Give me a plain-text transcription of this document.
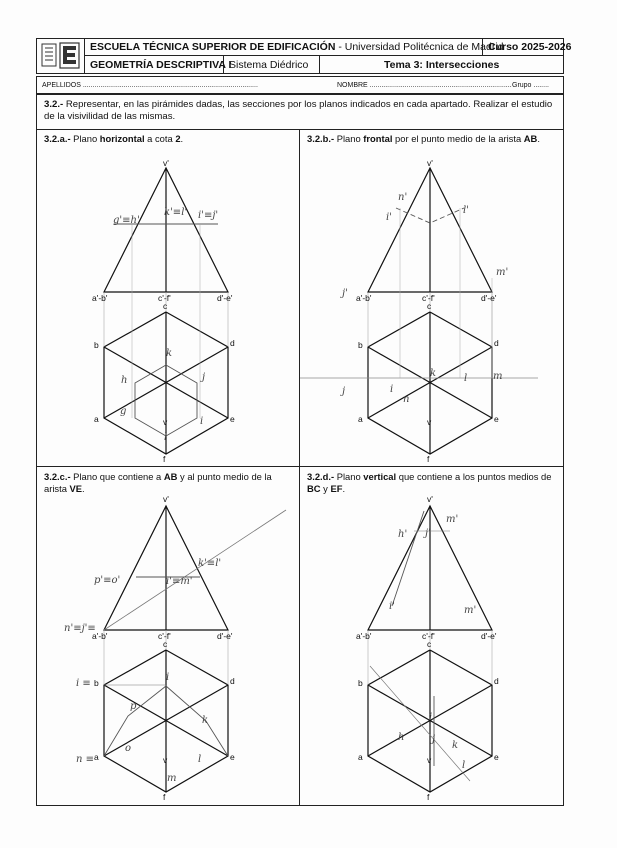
ESCUELA TÉCNICA SUPERIOR DE EDIFICACIÓN
- Universidad Politécnica de Madrid
Curso 2025-2026
GEOMETRÍA DESCRIPTIVA I
Sistema Diédrico	Tema 3: Intersecciones
APELLIDOS ..........................................................................................	NOMBRE ......................................................................... Grupo ........
3.2.- Representar, en las pirámides dadas, las secciones por los planos indicados en cada apartado. Realizar el estudio de la visivilidad de las mismas.
3.2.a.- Plano horizontal a cota 2.	3.2.b.- Plano frontal por el punto medio de la arista AB.
3.2.c.- Plano que contiene a AB y al punto medio de la arista VE.
3.2.d.- Plano vertical que contiene a los puntos medios de BC y EF.
v'
a'-b'	c'-f'	d'-e'
c
b	d
a	v	e
f
v'
a'-b'	c'-f'	d'-e'
c
b	d
a	v	e
f
v'
a'-b'	c'-f'	d'-e'
c
b	d
a	v	e
f
v'
a'-b'	c'-f'	d'-e'
c
b	d
a	v	e
f
g'≡h'
k'≡l' i'≡j'
k
h	j
g
i
l
n'
i'
l'
m'
j'
k	l	m
i
j
n
p'≡o'
k'≡l'
i'≡m'
n'≡j'≡
i ≡
n ≡
p
k
o
l
m
i
h' j'
m'
i'	m'
h
i
j
k
l
